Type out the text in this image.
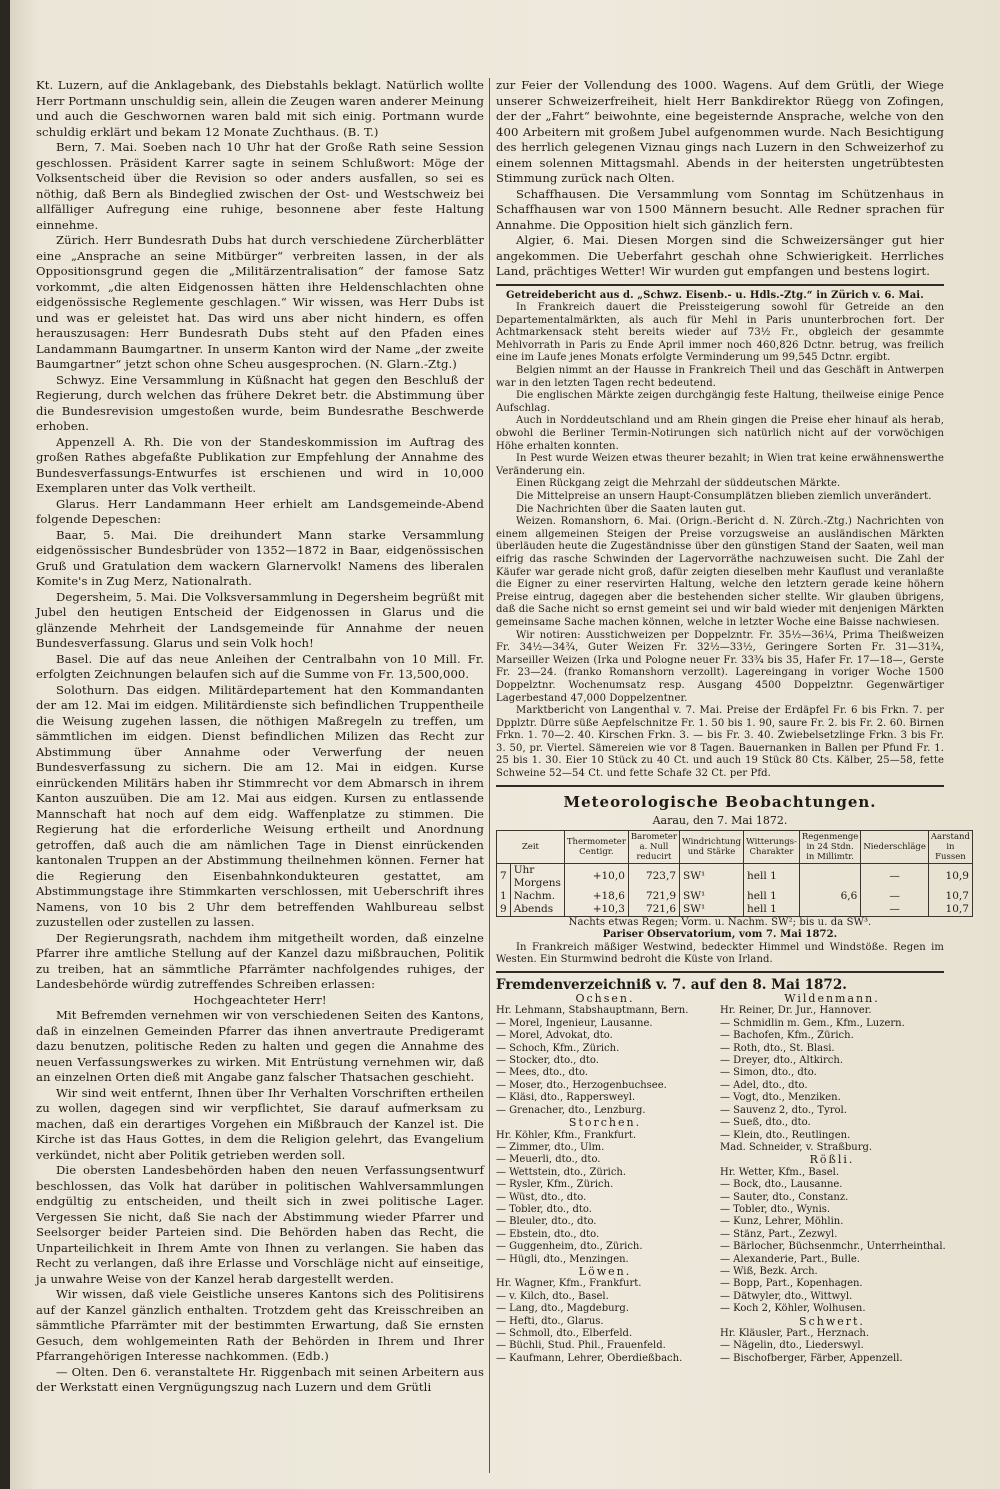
Kt. Luzern, auf die Anklagebank, des Diebstahls beklagt. Natürlich wollte Herr Portmann unschuldig sein, allein die Zeugen waren anderer Meinung und auch die Geschwornen waren bald mit sich einig. Portmann wurde schuldig erklärt und bekam 12 Monate Zuchthaus. (B. T.)

Bern, 7. Mai. Soeben nach 10 Uhr hat der Große Rath seine Session geschlossen. Präsident Karrer sagte in seinem Schlußwort: Möge der Volksentscheid über die Revision so oder anders ausfallen, so sei es nöthig, daß Bern als Bindeglied zwischen der Ost- und Westschweiz bei allfälliger Aufregung eine ruhige, besonnene aber feste Haltung einnehme.

Zürich. Herr Bundesrath Dubs hat durch verschiedene Zürcherblätter eine „Ansprache an seine Mitbürger“ verbreiten lassen, in der als Oppositionsgrund gegen die „Militärzentralisation“ der famose Satz vorkommt, „die alten Eidgenossen hätten ihre Heldenschlachten ohne eidgenössische Reglemente geschlagen.“ Wir wissen, was Herr Dubs ist und was er geleistet hat. Das wird uns aber nicht hindern, es offen herauszusagen: Herr Bundesrath Dubs steht auf den Pfaden eines Landammann Baumgartner. In unserm Kanton wird der Name „der zweite Baumgartner“ jetzt schon ohne Scheu ausgesprochen. (N. Glarn.-Ztg.)

Schwyz. Eine Versammlung in Küßnacht hat gegen den Beschluß der Regierung, durch welchen das frühere Dekret betr. die Abstimmung über die Bundesrevision umgestoßen wurde, beim Bundesrathe Beschwerde erhoben.

Appenzell A. Rh. Die von der Standeskommission im Auftrag des großen Rathes abgefaßte Publikation zur Empfehlung der Annahme des Bundesverfassungs-Entwurfes ist erschienen und wird in 10,000 Exemplaren unter das Volk vertheilt.

Glarus. Herr Landammann Heer erhielt am Landsgemeinde-Abend folgende Depeschen:

Baar, 5. Mai. Die dreihundert Mann starke Versammlung eidgenössischer Bundesbrüder von 1352—1872 in Baar, eidgenössischen Gruß und Gratulation dem wackern Glarnervolk! Namens des liberalen Komite's in Zug Merz, Nationalrath.

Degersheim, 5. Mai. Die Volksversammlung in Degersheim begrüßt mit Jubel den heutigen Entscheid der Eidgenossen in Glarus und die glänzende Mehrheit der Landsgemeinde für Annahme der neuen Bundesverfassung. Glarus und sein Volk hoch!

Basel. Die auf das neue Anleihen der Centralbahn von 10 Mill. Fr. erfolgten Zeichnungen belaufen sich auf die Summe von Fr. 13,500,000.

Solothurn. Das eidgen. Militärdepartement hat den Kommandanten der am 12. Mai im eidgen. Militärdienste sich befindlichen Truppentheile die Weisung zugehen lassen, die nöthigen Maßregeln zu treffen, um sämmtlichen im eidgen. Dienst befindlichen Milizen das Recht zur Abstimmung über Annahme oder Verwerfung der neuen Bundesverfassung zu sichern. Die am 12. Mai in eidgen. Kurse einrückenden Militärs haben ihr Stimmrecht vor dem Abmarsch in ihrem Kanton auszuüben. Die am 12. Mai aus eidgen. Kursen zu entlassende Mannschaft hat noch auf dem eidg. Waffenplatze zu stimmen. Die Regierung hat die erforderliche Weisung ertheilt und Anordnung getroffen, daß auch die am nämlichen Tage in Dienst einrückenden kantonalen Truppen an der Abstimmung theilnehmen können. Ferner hat die Regierung den Eisenbahnkondukteuren gestattet, am Abstimmungstage ihre Stimmkarten verschlossen, mit Ueberschrift ihres Namens, von 10 bis 2 Uhr dem betreffenden Wahlbureau selbst zuzustellen oder zustellen zu lassen.

Der Regierungsrath, nachdem ihm mitgetheilt worden, daß einzelne Pfarrer ihre amtliche Stellung auf der Kanzel dazu mißbrauchen, Politik zu treiben, hat an sämmtliche Pfarrämter nachfolgendes ruhiges, der Landesbehörde würdig zutreffendes Schreiben erlassen:

Hochgeachteter Herr!

Mit Befremden vernehmen wir von verschiedenen Seiten des Kantons, daß in einzelnen Gemeinden Pfarrer das ihnen anvertraute Predigeramt dazu benutzen, politische Reden zu halten und gegen die Annahme des neuen Verfassungswerkes zu wirken. Mit Entrüstung vernehmen wir, daß an einzelnen Orten dieß mit Angabe ganz falscher Thatsachen geschieht.

Wir sind weit entfernt, Ihnen über Ihr Verhalten Vorschriften ertheilen zu wollen, dagegen sind wir verpflichtet, Sie darauf aufmerksam zu machen, daß ein derartiges Vorgehen ein Mißbrauch der Kanzel ist. Die Kirche ist das Haus Gottes, in dem die Religion gelehrt, das Evangelium verkündet, nicht aber Politik getrieben werden soll.

Die obersten Landesbehörden haben den neuen Verfassungsentwurf beschlossen, das Volk hat darüber in politischen Wahlversammlungen endgültig zu entscheiden, und theilt sich in zwei politische Lager. Vergessen Sie nicht, daß Sie nach der Abstimmung wieder Pfarrer und Seelsorger beider Parteien sind. Die Behörden haben das Recht, die Unparteilichkeit in Ihrem Amte von Ihnen zu verlangen. Sie haben das Recht zu verlangen, daß ihre Erlasse und Vorschläge nicht auf einseitige, ja unwahre Weise von der Kanzel herab dargestellt werden.

Wir wissen, daß viele Geistliche unseres Kantons sich des Politisirens auf der Kanzel gänzlich enthalten. Trotzdem geht das Kreisschreiben an sämmtliche Pfarrämter mit der bestimmten Erwartung, daß Sie ernsten Gesuch, dem wohlgemeinten Rath der Behörden in Ihrem und Ihrer Pfarrangehörigen Interesse nachkommen. (Edb.)

— Olten. Den 6. veranstaltete Hr. Riggenbach mit seinen Arbeitern aus der Werkstatt einen Vergnügungszug nach Luzern und dem Grütli

zur Feier der Vollendung des 1000. Wagens. Auf dem Grütli, der Wiege unserer Schweizerfreiheit, hielt Herr Bankdirektor Rüegg von Zofingen, der der „Fahrt“ beiwohnte, eine begeisternde Ansprache, welche von den 400 Arbeitern mit großem Jubel aufgenommen wurde. Nach Besichtigung des herrlich gelegenen Viznau gings nach Luzern in den Schweizerhof zu einem solennen Mittagsmahl. Abends in der heitersten ungetrübtesten Stimmung zurück nach Olten.

Schaffhausen. Die Versammlung vom Sonntag im Schützenhaus in Schaffhausen war von 1500 Männern besucht. Alle Redner sprachen für Annahme. Die Opposition hielt sich gänzlich fern.

Algier, 6. Mai. Diesen Morgen sind die Schweizersänger gut hier angekommen. Die Ueberfahrt geschah ohne Schwierigkeit. Herrliches Land, prächtiges Wetter! Wir wurden gut empfangen und bestens logirt.

Getreidebericht aus d. „Schwz. Eisenb.- u. Hdls.-Ztg.“ in Zürich v. 6. Mai.

In Frankreich dauert die Preissteigerung sowohl für Getreide an den Departementalmärkten, als auch für Mehl in Paris ununterbrochen fort. Der Achtmarkensack steht bereits wieder auf 73½ Fr., obgleich der gesammte Mehlvorrath in Paris zu Ende April immer noch 460,826 Dctnr. betrug, was freilich eine im Laufe jenes Monats erfolgte Verminderung um 99,545 Dctnr. ergibt.

Belgien nimmt an der Hausse in Frankreich Theil und das Geschäft in Antwerpen war in den letzten Tagen recht bedeutend.

Die englischen Märkte zeigen durchgängig feste Haltung, theilweise einige Pence Aufschlag.

Auch in Norddeutschland und am Rhein gingen die Preise eher hinauf als herab, obwohl die Berliner Termin-Notirungen sich natürlich nicht auf der vorwöchigen Höhe erhalten konnten.

In Pest wurde Weizen etwas theurer bezahlt; in Wien trat keine erwähnenswerthe Veränderung ein.

Einen Rückgang zeigt die Mehrzahl der süddeutschen Märkte.

Die Mittelpreise an unsern Haupt-Consumplätzen blieben ziemlich unverändert.

Die Nachrichten über die Saaten lauten gut.

Weizen. Romanshorn, 6. Mai. (Orign.-Bericht d. N. Zürch.-Ztg.) Nachrichten von einem allgemeinen Steigen der Preise vorzugsweise an ausländischen Märkten überläuden heute die Zugeständnisse über den günstigen Stand der Saaten, weil man eifrig das rasche Schwinden der Lagervorräthe nachzuweisen sucht. Die Zahl der Käufer war gerade nicht groß, dafür zeigten dieselben mehr Kauflust und veranlaßte die Eigner zu einer reservirten Haltung, welche den letztern gerade keine höhern Preise eintrug, dagegen aber die bestehenden sicher stellte. Wir glauben übrigens, daß die Sache nicht so ernst gemeint sei und wir bald wieder mit denjenigen Märkten gemeinsame Sache machen können, welche in letzter Woche eine Baisse nachwiesen.

Wir notiren: Ausstichweizen per Doppelzntr. Fr. 35½—36¼, Prima Theißweizen Fr. 34½—34¾, Guter Weizen Fr. 32½—33½, Geringere Sorten Fr. 31—31¾, Marseiller Weizen (Irka und Pologne neuer Fr. 33¾ bis 35, Hafer Fr. 17—18—, Gerste Fr. 23—24. (franko Romanshorn verzollt). Lagereingang in voriger Woche 1500 Doppelztnr. Wochenumsatz resp. Ausgang 4500 Doppelztnr. Gegenwärtiger Lagerbestand 47,000 Doppelzentner.

Marktbericht von Langenthal v. 7. Mai. Preise der Erdäpfel Fr. 6 bis Frkn. 7. per Dpplztr. Dürre süße Aepfelschnitze Fr. 1. 50 bis 1. 90, saure Fr. 2. bis Fr. 2. 60. Birnen Frkn. 1. 70—2. 40. Kirschen Frkn. 3. — bis Fr. 3. 40. Zwiebelsetzlinge Frkn. 3 bis Fr. 3. 50, pr. Viertel. Sämereien wie vor 8 Tagen. Bauernanken in Ballen per Pfund Fr. 1. 25 bis 1. 30. Eier 10 Stück zu 40 Ct. und auch 19 Stück 80 Cts. Kälber, 25—58, fette Schweine 52—54 Ct. und fette Schafe 32 Ct. per Pfd.

Meteorologische Beobachtungen.
Aarau, den 7. Mai 1872.
Zeit		Thermometer Centigr.	Barometer a. Null reducirt	Windrichtung und Stärke	Witterungs-Charakter	Regenmenge in 24 Stdn. in Millimtr.	Niederschläge	Aarstand in Fussen
7	Uhr Morgens	+10,0	723,7	SW¹	hell 1		—	10,9
1	Nachm.	+18,6	721,9	SW¹	hell 1	6,6	—	10,7
9	Abends	+10,3	721,6	SW¹	hell 1		—	10,7

Nachts etwas Regen; Vorm. u. Nachm. SW²; bis u. da SW³.

Pariser Observatorium, vom 7. Mai 1872.

In Frankreich mäßiger Westwind, bedeckter Himmel und Windstöße. Regen im Westen. Ein Sturmwind bedroht die Küste von Irland.

Fremdenverzeichniß v. 7. auf den 8. Mai 1872.
Ochsen.
Hr. Lehmann, Stabshauptmann, Bern.
— Morel, Ingenieur, Lausanne.
— Morel, Advokat, dto.
— Schoch, Kfm., Zürich.
— Stocker, dto., dto.
— Mees, dto., dto.
— Moser, dto., Herzogenbuchsee.
— Kläsi, dto., Rappersweyl.
— Grenacher, dto., Lenzburg.
Storchen.
Hr. Köhler, Kfm., Frankfurt.
— Zimmer, dto., Ulm.
— Meuerli, dto., dto.
— Wettstein, dto., Zürich.
— Rysler, Kfm., Zürich.
— Wüst, dto., dto.
— Tobler, dto., dto.
— Bleuler, dto., dto.
— Ebstein, dto., dto.
— Guggenheim, dto., Zürich.
— Hügli, dto., Menzingen.
Löwen.
Hr. Wagner, Kfm., Frankfurt.
— v. Kilch, dto., Basel.
— Lang, dto., Magdeburg.
— Hefti, dto., Glarus.
— Schmoll, dto., Elberfeld.
— Büchli, Stud. Phil., Frauenfeld.
— Kaufmann, Lehrer, Oberdießbach.
Wildenmann.
Hr. Reiner, Dr. Jur., Hannover.
— Schmidlin m. Gem., Kfm., Luzern.
— Bachofen, Kfm., Zürich.
— Roth, dto., St. Blasi.
— Dreyer, dto., Altkirch.
— Simon, dto., dto.
— Adel, dto., dto.
— Vogt, dto., Menziken.
— Sauvenz 2, dto., Tyrol.
— Sueß, dto., dto.
— Klein, dto., Reutlingen.
Mad. Schneider, v. Straßburg.
Rößli.
Hr. Wetter, Kfm., Basel.
— Bock, dto., Lausanne.
— Sauter, dto., Constanz.
— Tobler, dto., Wynis.
— Kunz, Lehrer, Möhlin.
— Stänz, Part., Zezwyl.
— Bärlocher, Büchsenmchr., Unterrheinthal.
— Alexanderie, Part., Bulle.
— Wiß, Bezk. Arch.
— Bopp, Part., Kopenhagen.
— Dätwyler, dto., Wittwyl.
— Koch 2, Köhler, Wolhusen.
Schwert.
Hr. Kläusler, Part., Herznach.
— Nägelin, dto., Liederswyl.
— Bischofberger, Färber, Appenzell.
